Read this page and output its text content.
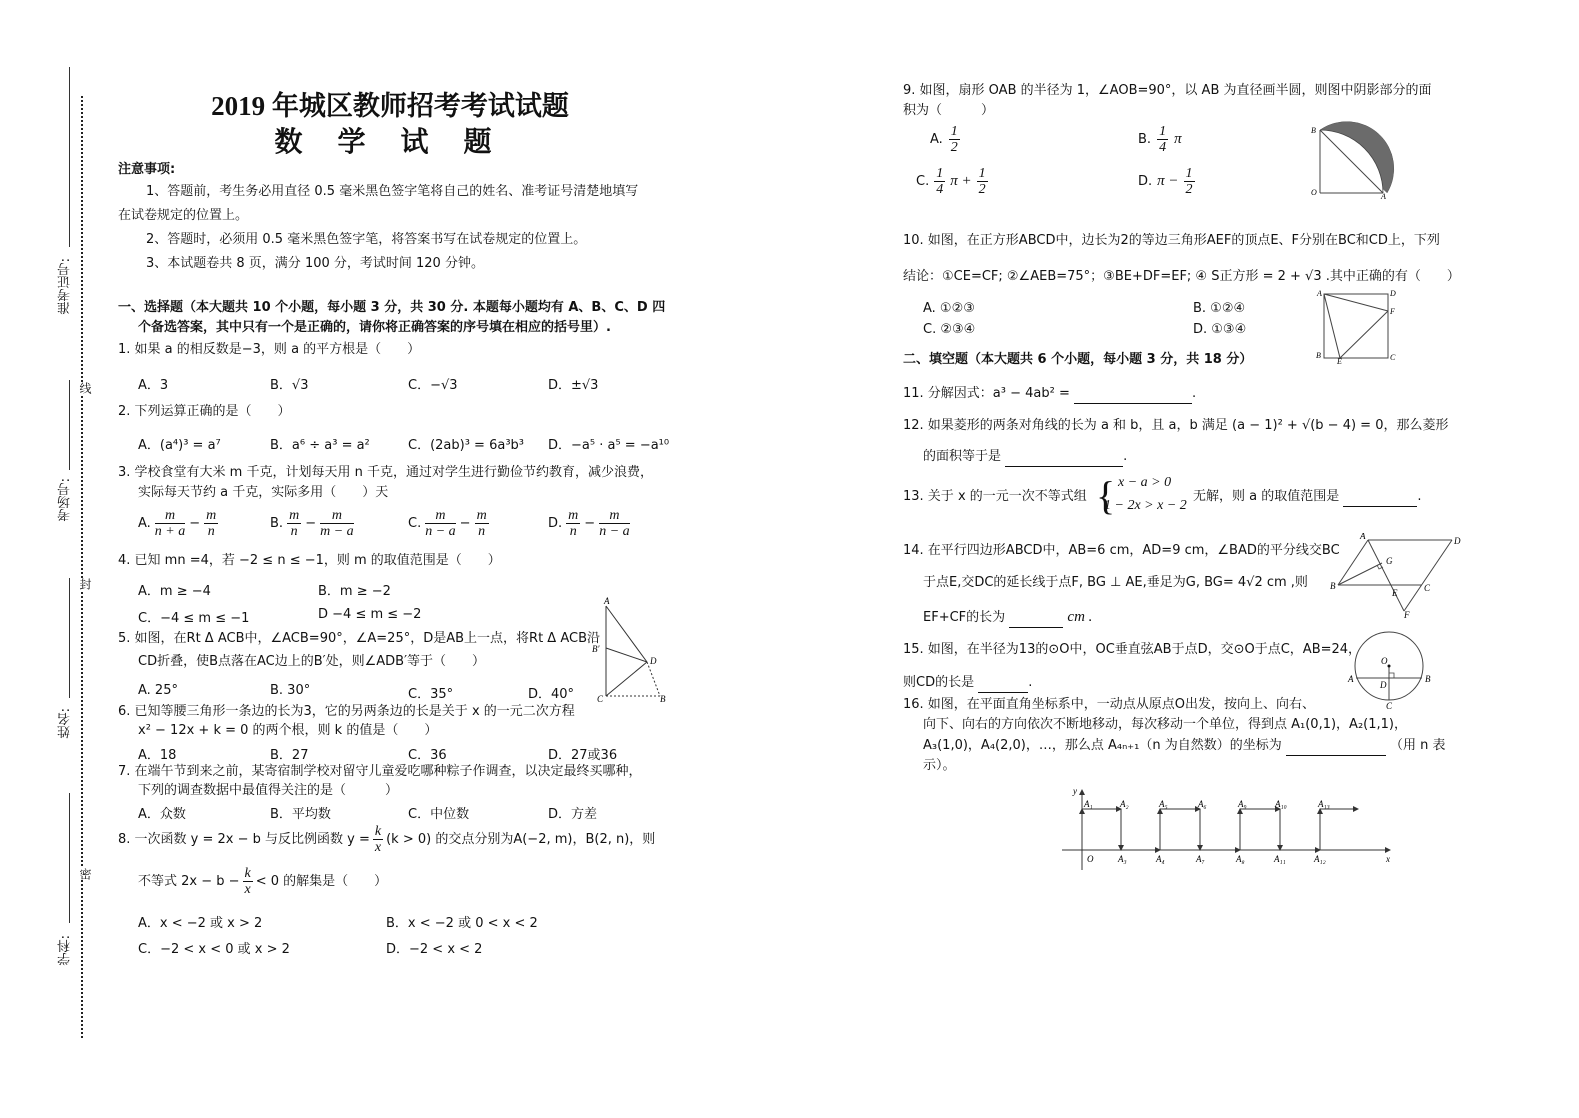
准考证号:
考场号:
姓名:
学科:
线
封
密
2019 年城区教师招考考试试题
数 学 试 题
注意事项:
1、答题前，考生务必用直径 0.5 毫米黑色签字笔将自己的姓名、准考证号清楚地填写
在试卷规定的位置上。
2、答题时，必须用 0.5 毫米黑色签字笔，将答案书写在试卷规定的位置上。
3、本试题卷共 8 页，满分 100 分，考试时间 120 分钟。
一、选择题（本大题共 10 个小题，每小题 3 分，共 30 分. 本题每小题均有 A、B、C、D 四
个备选答案，其中只有一个是正确的，请你将正确答案的序号填在相应的括号里）.
1. 如果 a 的相反数是−3，则 a 的平方根是（　　）
A．3	B．√3	C．−√3	D．±√3
2. 下列运算正确的是（　　）
A．(a⁴)³ = a⁷	B．a⁶ ÷ a³ = a²	C．(2ab)³ = 6a³b³ D．−a⁵ · a⁵ = −a¹⁰
3. 学校食堂有大米 m 千克，计划每天用 n 千克，通过对学生进行勤俭节约教育，减少浪费，
实际每天节约 a 千克，实际多用（　　）天
A. $\frac{m}{n + a} - \frac{m}{n}$	B. $\frac{m}{n} - \frac{m}{m - a}$	C. $\frac{m}{n - a} - \frac{m}{n}$	D. $\frac{m}{n} - \frac{m}{n - a}$
4. 已知 mn =4，若 −2 ≤ n ≤ −1，则 m 的取值范围是（　　）
A．m ≥ −4	B．m ≥ −2
C．−4 ≤ m ≤ −1	D −4 ≤ m ≤ −2
5. 如图，在Rt Δ ACB中，∠ACB=90°，∠A=25°，D是AB上一点，将Rt Δ ACB沿
CD折叠，使B点落在AC边上的B′处，则∠ADB′等于（　　）
A. 25°	B. 30°	C．35°	D．40°
A
B′
D
C	B
6. 已知等腰三角形一条边的长为3，它的另两条边的长是关于 x 的一元二次方程
x² − 12x + k = 0 的两个根，则 k 的值是（　　）
A．18	B．27	C．36	D．27或36
7. 在端午节到来之前，某寄宿制学校对留守儿童爱吃哪种粽子作调查，以决定最终买哪种，
下列的调查数据中最值得关注的是（　　　）
A．众数	B．平均数	C．中位数	D．方差
8. 一次函数 y = 2x − b 与反比例函数 $y = \frac{k}{x} (k > 0)$ 的交点分别为A(−2, m)，B(2, n)，则
不等式 $2x - b - \frac{k}{x} < 0$ 的解集是（　　）
A．x < −2 或 x > 2	B．x < −2 或 0 < x < 2
C．−2 < x < 0 或 x > 2	D．−2 < x < 2
9. 如图，扇形 OAB 的半径为 1，∠AOB=90°，以 AB 为直径画半圆，则图中阴影部分的面
积为（　　　）
A. $\frac{1}{2}$	B. $\frac{1}{4}$ π
C. $\frac{1}{4}$ $\pi + \frac{1}{2}$	D. $\pi - \frac{1}{2}$
B
O	A
10. 如图，在正方形ABCD中，边长为2的等边三角形AEF的顶点E、F分别在BC和CD上，下列
结论：①CE=CF; ②∠AEB=75°；③BE+DF=EF; ④ S正方形 = 2 + √3 .其中正确的有（　　）
A. ①②③	B. ①②④
C. ②③④	D. ①③④
A	D
F
B
E	C
二、填空题（本大题共 6 个小题，每小题 3 分，共 18 分）
11. 分解因式：a³ − 4ab² =	.
12. 如果菱形的两条对角线的长为 a 和 b，且 a，b 满足 (a − 1)² + √(b − 4) = 0，那么菱形
的面积等于是	.
13. 关于 x 的一元一次不等式组 { x − a > 0
1 − 2x > x − 2
无解，则 a 的取值范围是	.
14. 在平行四边形ABCD中，AB=6 cm，AD=9 cm，∠BAD的平分线交BC
于点E,交DC的延长线于点F, BG ⊥ AE,垂足为G, BG= 4√2 cm ,则
EF+CF的长为	cm .
A	D
G
B
E	C
F
15. 如图，在半径为13的⊙O中，OC垂直弦AB于点D，交⊙O于点C，AB=24，
则CD的长是	.
O
A
D
B
C
16. 如图，在平面直角坐标系中，一动点从原点O出发，按向上、向右、
向下、向右的方向依次不断地移动，每次移动一个单位，得到点 A₁(0,1)，A₂(1,1)，
A₃(1,0)，A₄(2,0)，…，那么点 A₄ₙ₊₁（n 为自然数）的坐标为	（用 n 表
示）。
y
x
A₁	A₂	A₅	A₆	A₉	A₁₀	A₁₃
O	A₃	A₄	A₇	A₈	A₁₁	A₁₂
